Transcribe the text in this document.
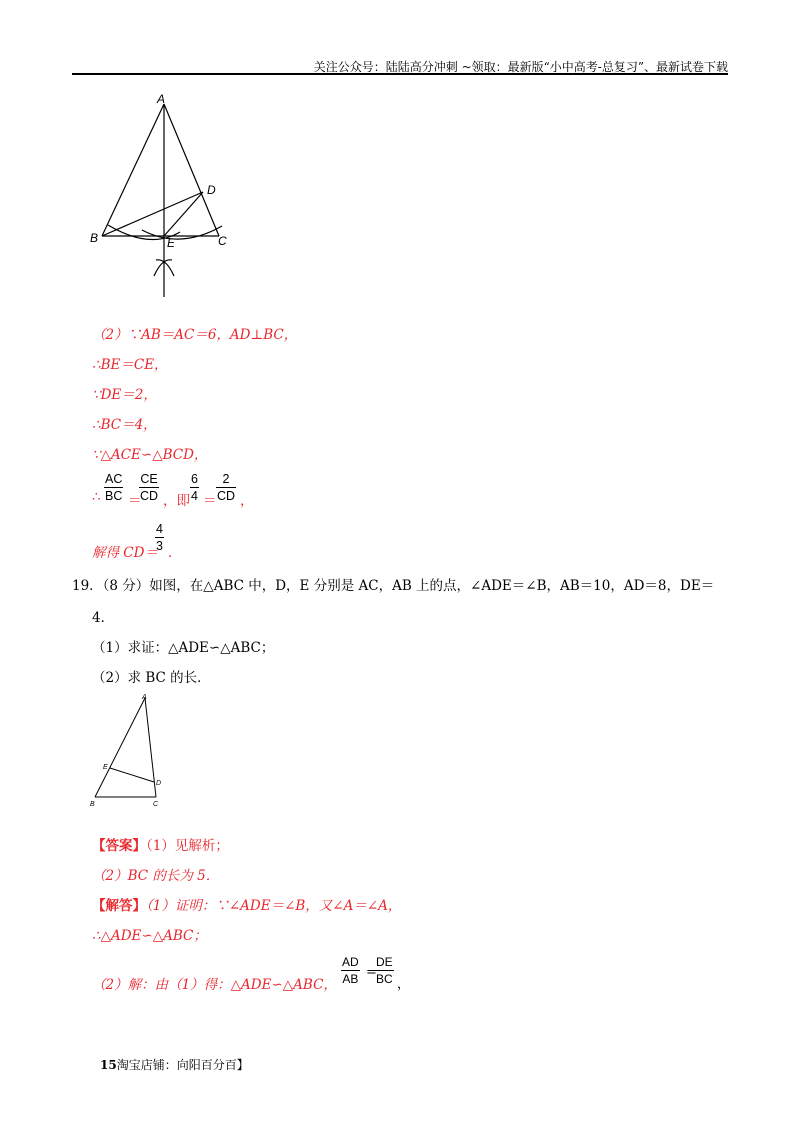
关注公众号：陆陆高分冲刺 ~领取：最新版“小中高考-总复习”、最新试卷下载
A
D
B	E	C
（2）∵AB＝AC＝6，AD⊥BC，
∴BE＝CE，
∵DE＝2，
∴BC＝4，
∵△ACE∽△BCD，
∴
AC
BC ＝
CE
CD ，即
6
4 ＝
2
CD ，
解得 CD＝
4
3 ．
19．（8 分）如图，在△ABC 中，D，E 分别是 AC，AB 上的点，∠ADE＝∠B，AB＝10，AD＝8，DE＝
4．
（1）求证：△ADE∽△ABC；
（2）求 BC 的长．
A
E
D
B	C
【答案】（1）见解析；
（2）BC 的长为 5．
【解答】（1）证明：∵∠ADE＝∠B，又∠A＝∠A，
∴△ADE∽△ABC；
（2）解：由（1）得：△ADE∽△ABC，
AD
AB =
DE
BC ，
15淘宝店铺：向阳百分百】
